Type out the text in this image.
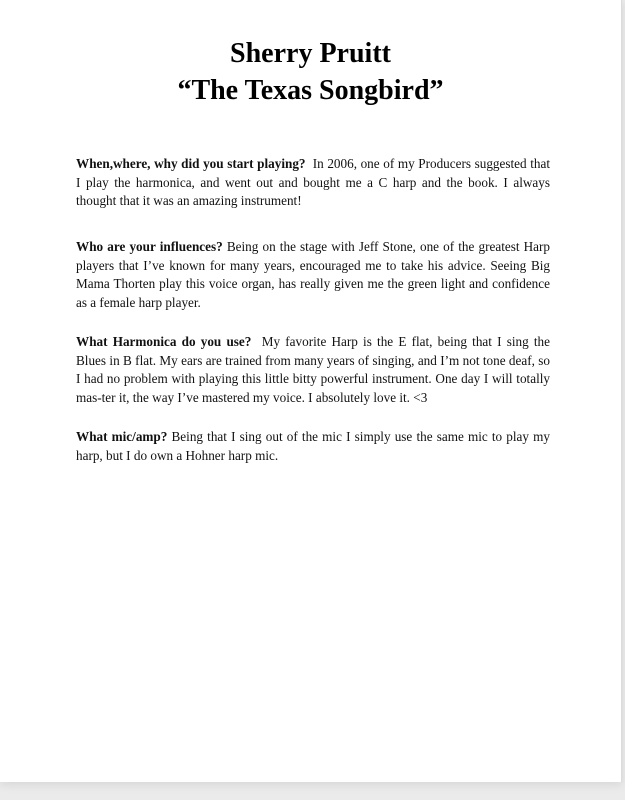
Sherry Pruitt
“The Texas Songbird”

When,where, why did you start playing? In 2006, one of my Producers suggested that I play the harmonica, and went out and bought me a C harp and the book. I always thought that it was an amazing instrument!

Who are your influences? Being on the stage with Jeff Stone, one of the greatest Harp players that I’ve known for many years, encouraged me to take his advice. Seeing Big Mama Thorten play this voice organ, has really given me the green light and confidence as a female harp player.

What Harmonica do you use? My favorite Harp is the E flat, being that I sing the Blues in B flat. My ears are trained from many years of singing, and I’m not tone deaf, so I had no problem with playing this little bitty powerful instrument. One day I will totally mas-ter it, the way I’ve mastered my voice. I absolutely love it. <3

What mic/amp? Being that I sing out of the mic I simply use the same mic to play my harp, but I do own a Hohner harp mic.
